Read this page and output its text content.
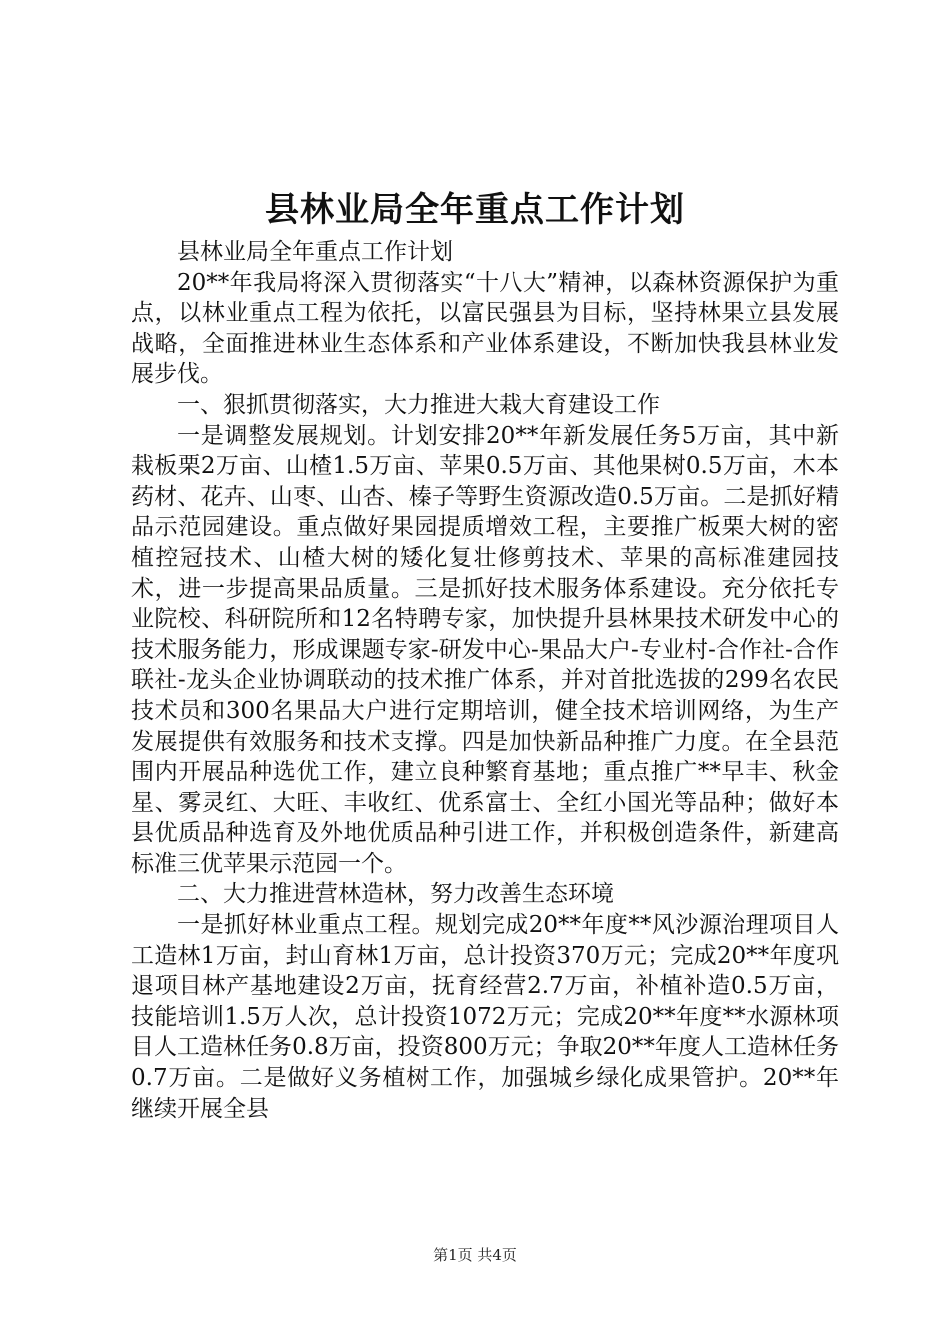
县林业局全年重点工作计划

县林业局全年重点工作计划

20**年我局将深入贯彻落实“十八大”精神，以森林资源保护为重点，以林业重点工程为依托，以富民强县为目标，坚持林果立县发展战略，全面推进林业生态体系和产业体系建设，不断加快我县林业发展步伐。

一、狠抓贯彻落实，大力推进大栽大育建设工作

一是调整发展规划。计划安排20**年新发展任务5万亩，其中新栽板栗2万亩、山楂1.5万亩、苹果0.5万亩、其他果树0.5万亩，木本药材、花卉、山枣、山杏、榛子等野生资源改造0.5万亩。二是抓好精品示范园建设。重点做好果园提质增效工程，主要推广板栗大树的密植控冠技术、山楂大树的矮化复壮修剪技术、苹果的高标准建园技术，进一步提高果品质量。三是抓好技术服务体系建设。充分依托专业院校、科研院所和12名特聘专家，加快提升县林果技术研发中心的技术服务能力，形成课题专家-研发中心-果品大户-专业村-合作社-合作联社-龙头企业协调联动的技术推广体系，并对首批选拔的299名农民技术员和300名果品大户进行定期培训，健全技术培训网络，为生产发展提供有效服务和技术支撑。四是加快新品种推广力度。在全县范围内开展品种选优工作，建立良种繁育基地；重点推广**早丰、秋金星、雾灵红、大旺、丰收红、优系富士、全红小国光等品种；做好本县优质品种选育及外地优质品种引进工作，并积极创造条件，新建高标准三优苹果示范园一个。

二、大力推进营林造林，努力改善生态环境

一是抓好林业重点工程。规划完成20**年度**风沙源治理项目人工造林1万亩，封山育林1万亩，总计投资370万元；完成20**年度巩退项目林产基地建设2万亩，抚育经营2.7万亩，补植补造0.5万亩，技能培训1.5万人次，总计投资1072万元；完成20**年度**水源林项目人工造林任务0.8万亩，投资800万元；争取20**年度人工造林任务0.7万亩。二是做好义务植树工作，加强城乡绿化成果管护。20**年继续开展全县

第1页 共4页
